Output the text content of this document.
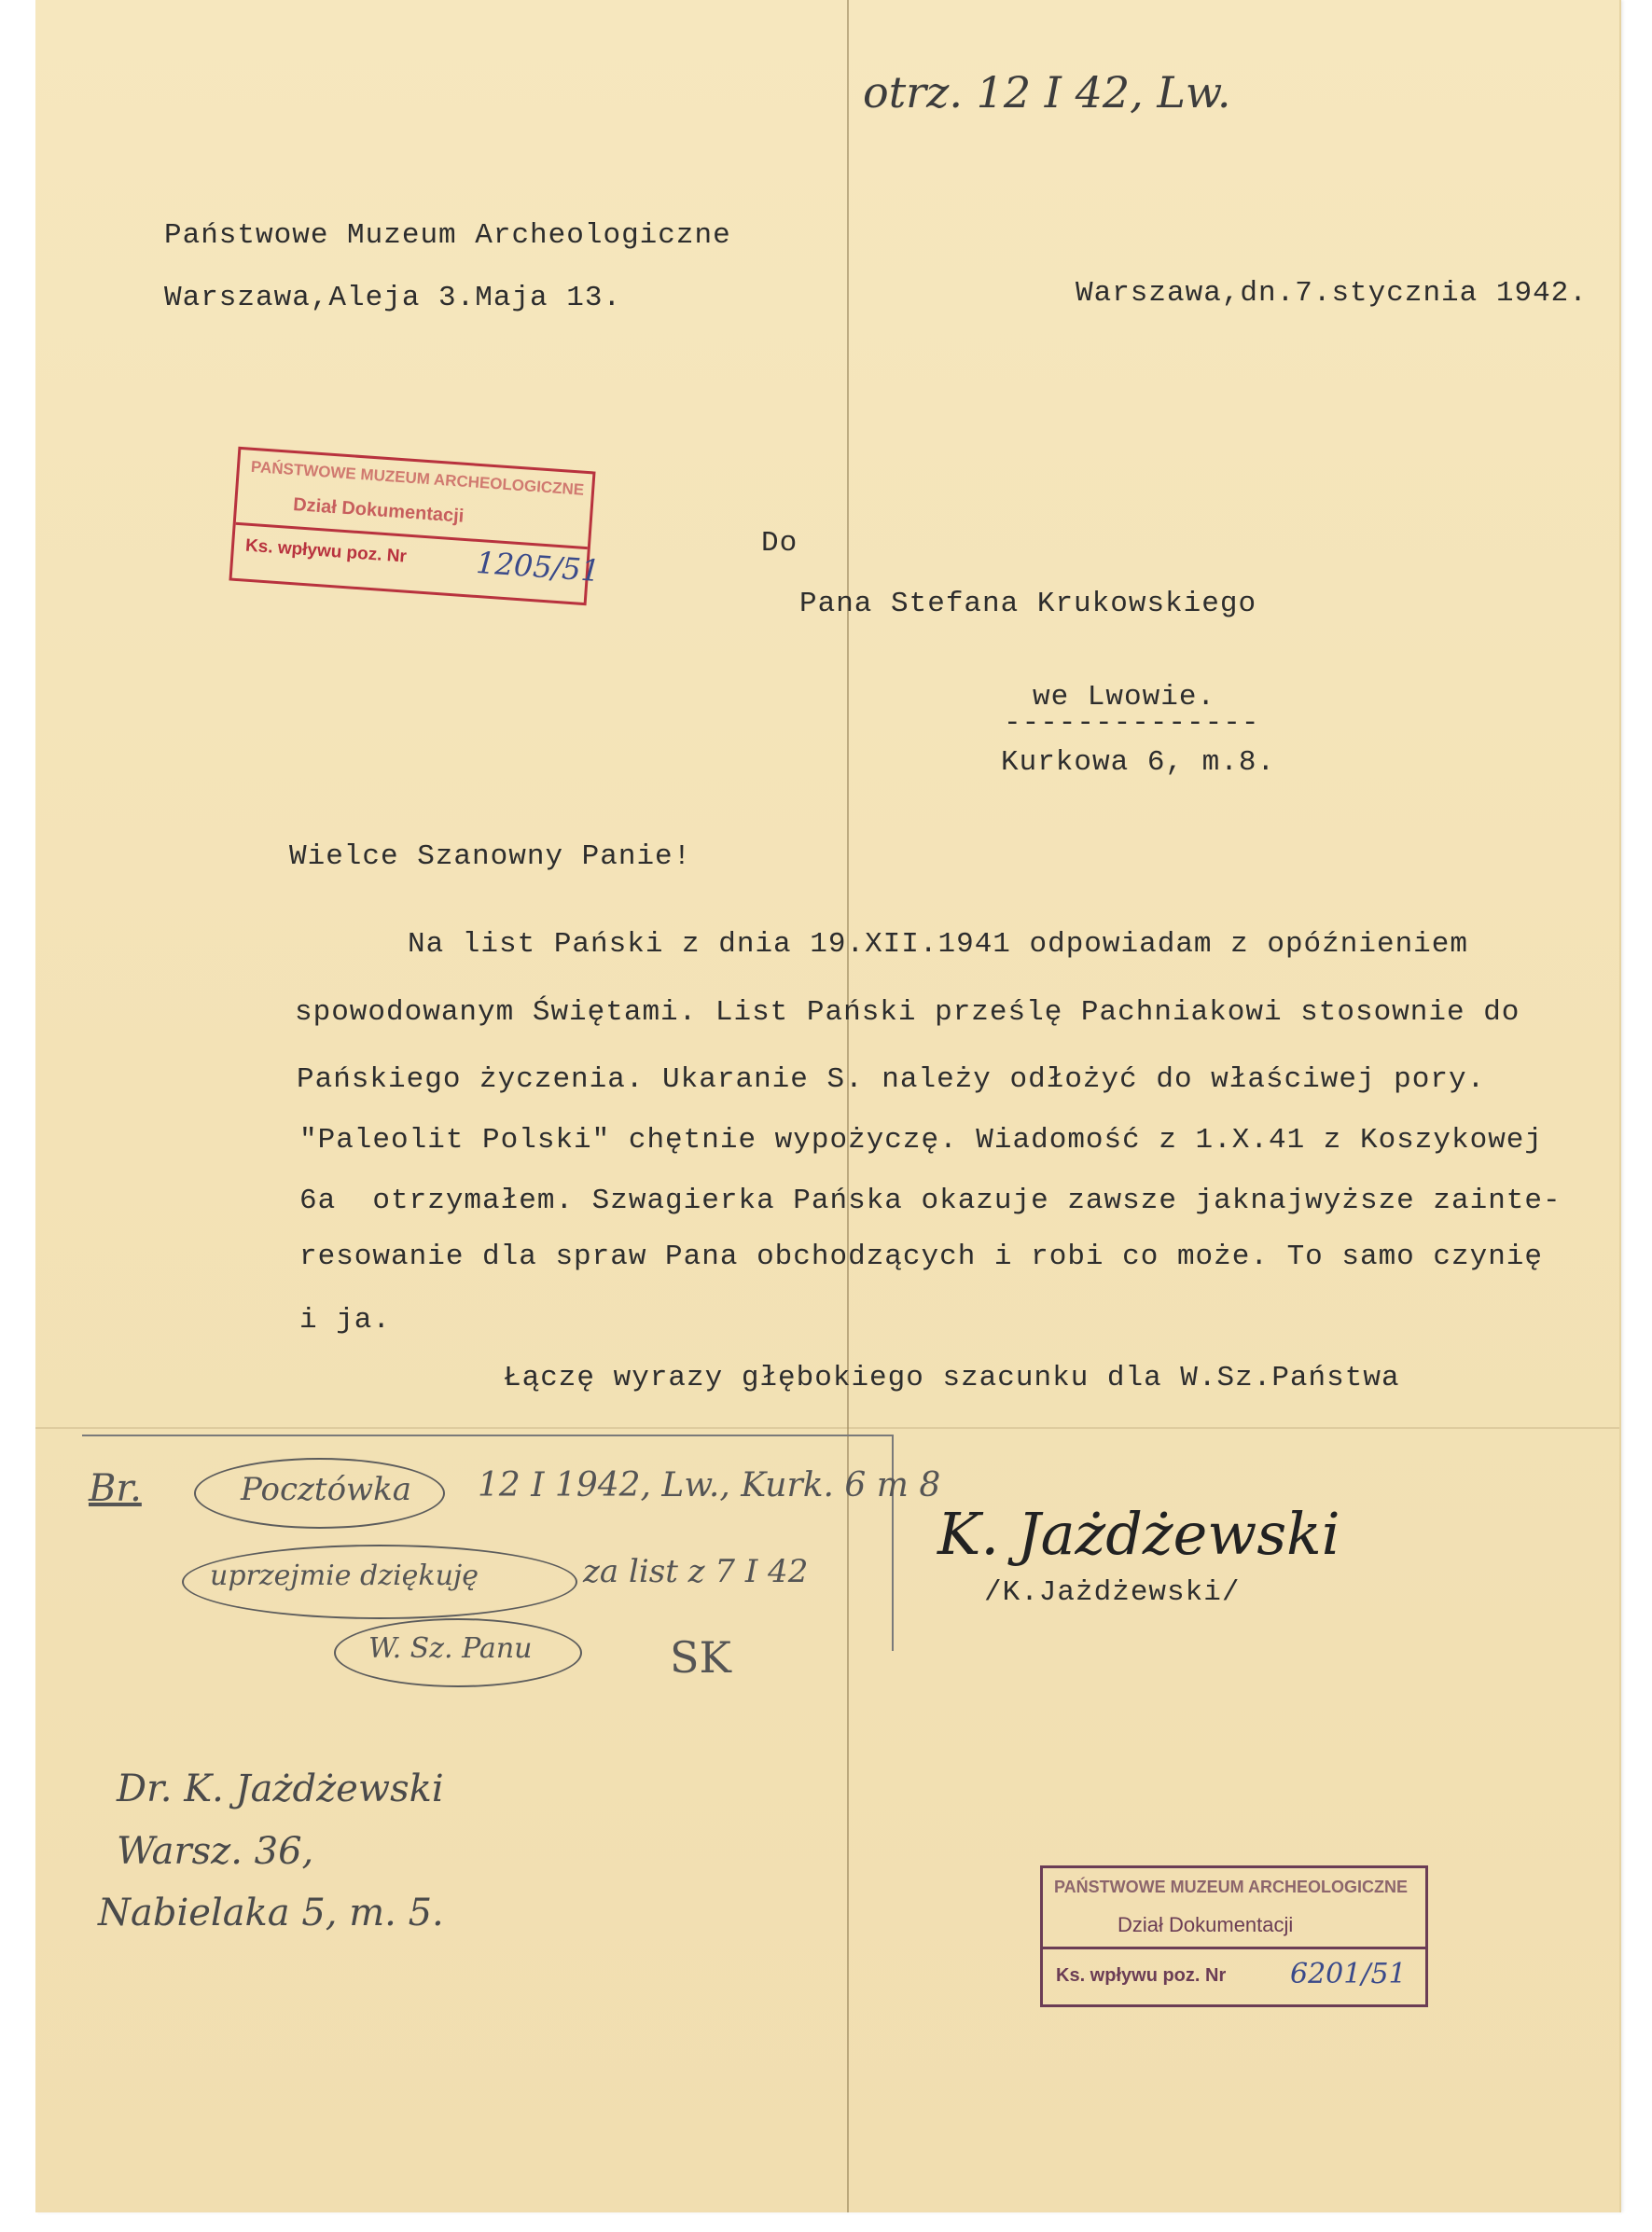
otrz. 12 I 42, Lw.
Państwowe Muzeum Archeologiczne
Warszawa,Aleja 3.Maja 13.	Warszawa,dn.7.stycznia 1942.
PAŃSTWOWE MUZEUM ARCHEOLOGICZNE
Dział Dokumentacji
Ks. wpływu poz. Nr 1205/51
Do
Pana Stefana Krukowskiego
we Lwowie.
--------------
Kurkowa 6, m.8.
Wielce Szanowny Panie!
Na list Pański z dnia 19.XII.1941 odpowiadam z opóźnieniem
spowodowanym Świętami. List Pański prześlę Pachniakowi stosownie do
Pańskiego życzenia. Ukaranie S. należy odłożyć do właściwej pory.
"Paleolit Polski" chętnie wypożyczę. Wiadomość z 1.X.41 z Koszykowej
6a  otrzymałem. Szwagierka Pańska okazuje zawsze jaknajwyższe zainte-
resowanie dla spraw Pana obchodzących i robi co może. To samo czynię
i ja.
Łączę wyrazy głębokiego szacunku dla W.Sz.Państwa
K. Jażdżewski
/K.Jażdżewski/
Br.	Pocztówka 12 I 1942, Lw., Kurk. 6 m 8
uprzejmie dziękuję	za list z 7 I 42
W. Sz. Panu	SK
Dr. K. Jażdżewski
Warsz. 36,
Nabielaka 5, m. 5.
PAŃSTWOWE MUZEUM ARCHEOLOGICZNE
Dział Dokumentacji
Ks. wpływu poz. Nr 6201/51
